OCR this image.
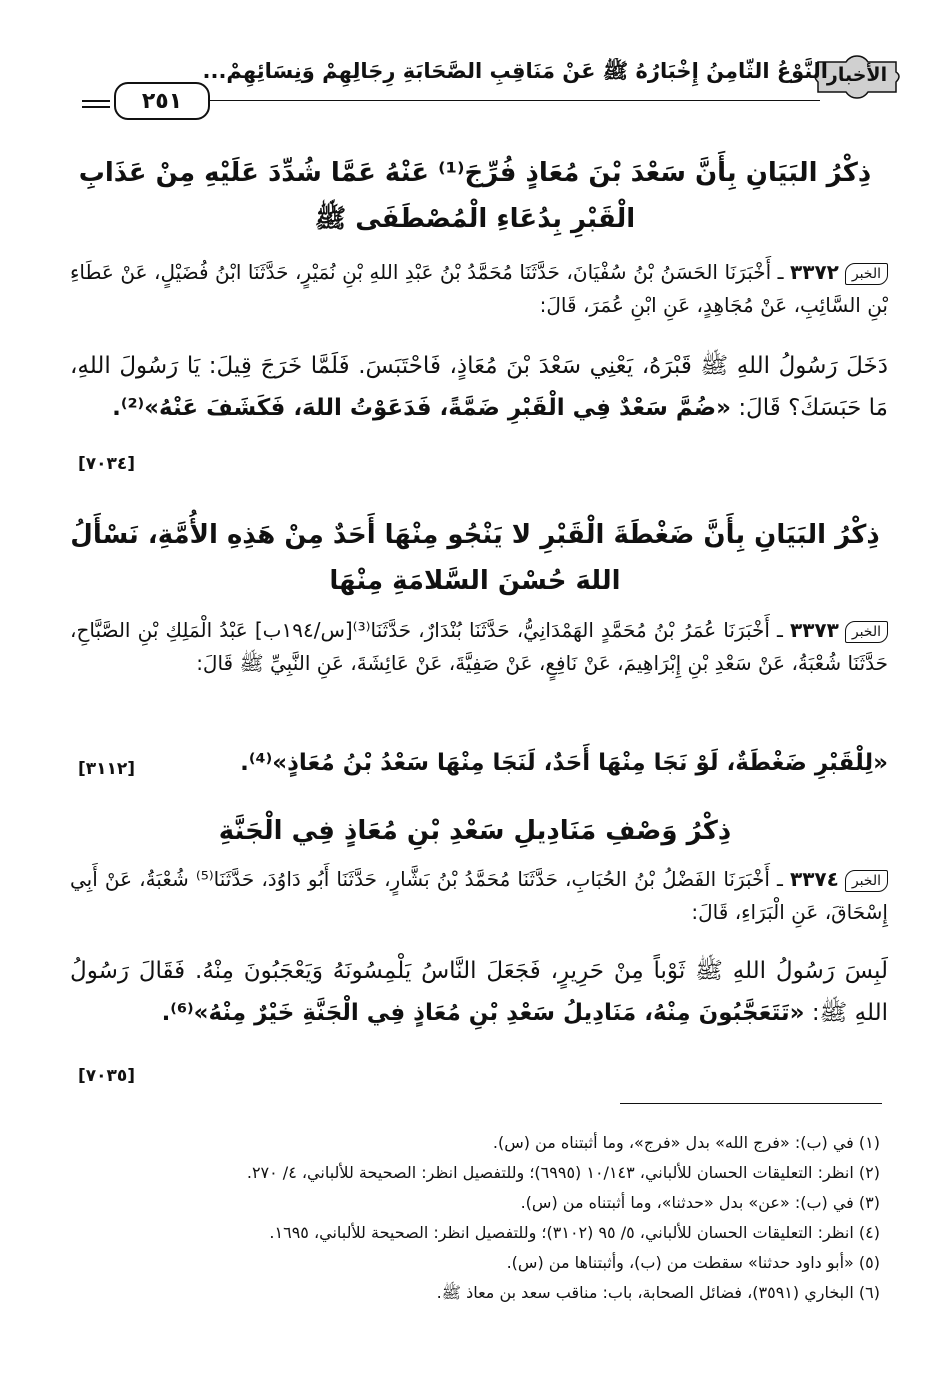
الأخبار
النَّوْعُ الثَّامِنُ إِخْبَارُهُ ﷺ عَنْ مَنَاقِبِ الصَّحَابَةِ رِجَالِهِمْ وَنِسَائِهِمْ...
٢٥١
ذِكْرُ البَيَانِ بِأَنَّ سَعْدَ بْنَ مُعَاذٍ فُرِّجَ⁽¹⁾ عَنْهُ عَمَّا شُدِّدَ عَلَيْهِ مِنْ عَذَابِ الْقَبْرِ بِدُعَاءِ الْمُصْطَفَى ﷺ
الخبر٣٣٧٢ ـ أَخْبَرَنَا الحَسَنُ بْنُ سُفْيَانَ، حَدَّثَنَا مُحَمَّدُ بْنُ عَبْدِ اللهِ بْنِ نُمَيْرٍ، حَدَّثَنَا ابْنُ فُضَيْلٍ، عَنْ عَطَاءِ بْنِ السَّائِبِ، عَنْ مُجَاهِدٍ، عَنِ ابْنِ عُمَرَ، قَالَ:
دَخَلَ رَسُولُ اللهِ ﷺ قَبْرَهُ، يَعْنِي سَعْدَ بْنَ مُعَاذٍ، فَاحْتَبَسَ. فَلَمَّا خَرَجَ قِيلَ: يَا رَسُولَ اللهِ، مَا حَبَسَكَ؟ قَالَ: «ضُمَّ سَعْدٌ فِي الْقَبْرِ ضَمَّةً، فَدَعَوْتُ اللهَ، فَكَشَفَ عَنْهُ»⁽²⁾.
[٧٠٣٤]
ذِكْرُ البَيَانِ بِأَنَّ ضَغْطَةَ الْقَبْرِ لا يَنْجُو مِنْهَا أَحَدٌ مِنْ هَذِهِ الأُمَّةِ، نَسْأَلُ اللهَ حُسْنَ السَّلامَةِ مِنْهَا
الخبر٣٣٧٣ ـ أَخْبَرَنَا عُمَرُ بْنُ مُحَمَّدٍ الهَمْدَانِيُّ، حَدَّثَنَا بُنْدَارٌ، حَدَّثَنَا⁽³⁾[س/١٩٤ب] عَبْدُ الْمَلِكِ بْنِ الصَّبَّاحِ، حَدَّثَنَا شُعْبَةُ، عَنْ سَعْدِ بْنِ إِبْرَاهِيمَ، عَنْ نَافِعٍ، عَنْ صَفِيَّةَ، عَنْ عَائِشَةَ، عَنِ النَّبِيِّ ﷺ قَالَ:
«لِلْقَبْرِ ضَغْطَةٌ، لَوْ نَجَا مِنْهَا أَحَدٌ، لَنَجَا مِنْهَا سَعْدُ بْنُ مُعَاذٍ»⁽⁴⁾.
[٣١١٢]
ذِكْرُ وَصْفِ مَنَادِيلِ سَعْدِ بْنِ مُعَاذٍ فِي الْجَنَّةِ
الخبر٣٣٧٤ ـ أَخْبَرَنَا الفَضْلُ بْنُ الحُبَابِ، حَدَّثَنَا مُحَمَّدُ بْنُ بَشَّارٍ، حَدَّثَنَا أَبُو دَاوُدَ، حَدَّثَنَا⁽⁵⁾ شُعْبَةُ، عَنْ أَبِي إِسْحَاقَ، عَنِ الْبَرَاءِ، قَالَ:
لَبِسَ رَسُولُ اللهِ ﷺ ثَوْباً مِنْ حَرِيرٍ، فَجَعَلَ النَّاسُ يَلْمِسُونَهُ وَيَعْجَبُونَ مِنْهُ. فَقَالَ رَسُولُ اللهِ ﷺ: «تَتَعَجَّبُونَ مِنْهُ، مَنَادِيلُ سَعْدِ بْنِ مُعَاذٍ فِي الْجَنَّةِ خَيْرٌ مِنْهُ»⁽⁶⁾.
[٧٠٣٥]
(١) في (ب): «فرج الله» بدل «فرج»، وما أثبتناه من (س).
(٢) انظر: التعليقات الحسان للألباني، ١٠/١٤٣ (٦٩٩٥)؛ وللتفصيل انظر: الصحيحة للألباني، ٤/ ٢٧٠.
(٣) في (ب): «عن» بدل «حدثنا»، وما أثبتناه من (س).
(٤) انظر: التعليقات الحسان للألباني، ٥/ ٩٥ (٣١٠٢)؛ وللتفصيل انظر: الصحيحة للألباني، ١٦٩٥.
(٥) «أبو داود حدثنا» سقطت من (ب)، وأثبتناها من (س).
(٦) البخاري (٣٥٩١)، فضائل الصحابة، باب: مناقب سعد بن معاذ ﷺ.
